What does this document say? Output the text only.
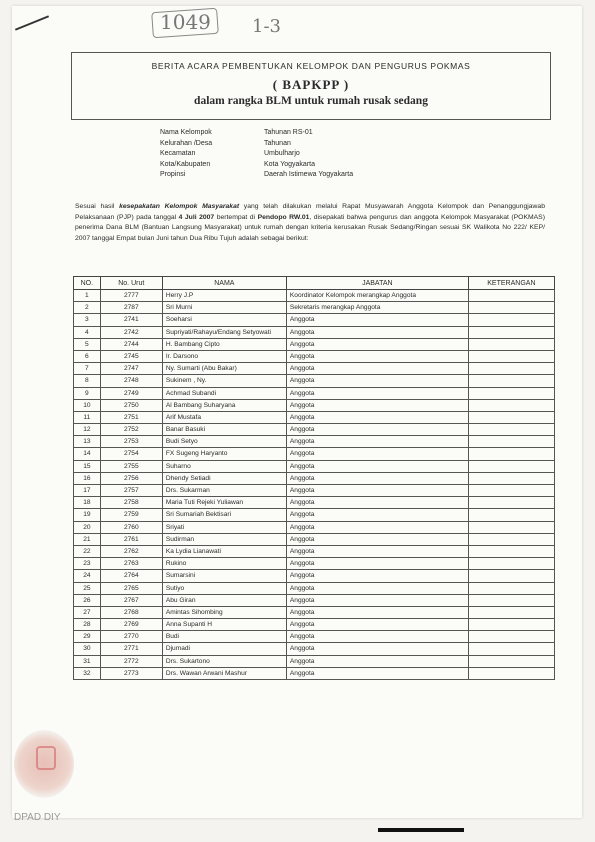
1049 1-3
BERITA ACARA PEMBENTUKAN KELOMPOK DAN PENGURUS POKMAS
( BAPKPP )
dalam rangka BLM untuk rumah rusak sedang
Nama Kelompok	Tahunan RS-01
Kelurahan /Desa	Tahunan
Kecamatan	Umbulharjo
Kota/Kabupaten	Kota Yogyakarta
Propinsi	Daerah Istimewa Yogyakarta
Sesuai hasil kesepakatan Kelompok Masyarakat yang telah dilakukan melalui Rapat Musyawarah Anggota Kelompok dan Penanggungjawab Pelaksanaan (PJP) pada tanggal 4 Juli 2007 bertempat di Pendopo RW.01, disepakati bahwa pengurus dan anggota Kelompok Masyarakat (POKMAS) penerima Dana BLM (Bantuan Langsung Masyarakat) untuk rumah dengan kriteria kerusakan Rusak Sedang/Ringan sesuai SK Walikota No 222/ KEP/ 2007 tanggal Empat bulan Juni tahun Dua Ribu Tujuh adalah sebagai berikut:
NO.	No. Urut	NAMA	JABATAN	KETERANGAN
1	2777	Herry J.P	Koordinator Kelompok merangkap Anggota	
2	2787	Sri Murni	Sekretaris merangkap Anggota	
3	2741	Soeharsi	Anggota	
4	2742	Supriyati/Rahayu/Endang Setyowati	Anggota	
5	2744	H. Bambang Cipto	Anggota	
6	2745	Ir. Darsono	Anggota	
7	2747	Ny. Sumarti (Abu Bakar)	Anggota	
8	2748	Sukinem , Ny.	Anggota	
9	2749	Achmad Subandi	Anggota	
10	2750	Al Bambang Suharyana	Anggota	
11	2751	Arif Mustafa	Anggota	
12	2752	Banar Basuki	Anggota	
13	2753	Budi Setyo	Anggota	
14	2754	FX Sugeng Haryanto	Anggota	
15	2755	Suharno	Anggota	
16	2756	Dhendy Setiadi	Anggota	
17	2757	Drs. Sukarman	Anggota	
18	2758	Maria Tuti Rejeki Yuliawan	Anggota	
19	2759	Sri Sumariah Bektisari	Anggota	
20	2760	Sriyati	Anggota	
21	2761	Sudirman	Anggota	
22	2762	Ka Lydia Lianawati	Anggota	
23	2763	Rukino	Anggota	
24	2764	Sumarsini	Anggota	
25	2765	Sutiyo	Anggota	
26	2767	Abu Giran	Anggota	
27	2768	Amintas Sihombing	Anggota	
28	2769	Anna Supanti H	Anggota	
29	2770	Budi	Anggota	
30	2771	Djumadi	Anggota	
31	2772	Drs. Sukartono	Anggota	
32	2773	Drs. Wawan Arwani Mashur	Anggota	
DPAD DIY
